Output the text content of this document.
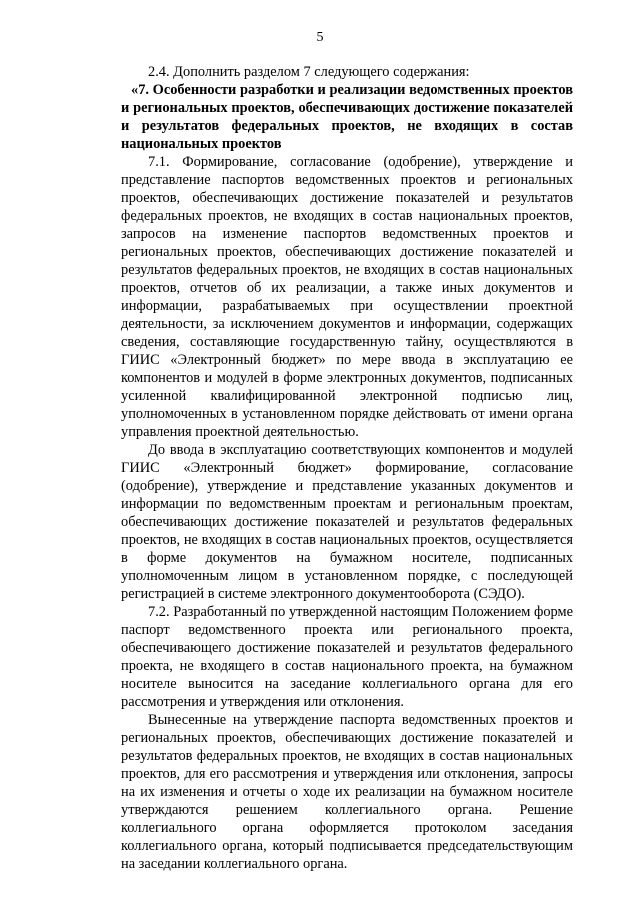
5

2.4. Дополнить разделом 7 следующего содержания:

«7. Особенности разработки и реализации ведомственных проектов и региональных проектов, обеспечивающих достижение показателей и результатов федеральных проектов, не входящих в состав национальных проектов

7.1. Формирование, согласование (одобрение), утверждение и представление паспортов ведомственных проектов и региональных проектов, обеспечивающих достижение показателей и результатов федеральных проектов, не входящих в состав национальных проектов, запросов на изменение паспортов ведомственных проектов и региональных проектов, обеспечивающих достижение показателей и результатов федеральных проектов, не входящих в состав национальных проектов, отчетов об их реализации, а также иных документов и информации, разрабатываемых при осуществлении проектной деятельности, за исключением документов и информации, содержащих сведения, составляющие государственную тайну, осуществляются в ГИИС «Электронный бюджет» по мере ввода в эксплуатацию ее компонентов и модулей в форме электронных документов, подписанных усиленной квалифицированной электронной подписью лиц, уполномоченных в установленном порядке действовать от имени органа управления проектной деятельностью.

До ввода в эксплуатацию соответствующих компонентов и модулей ГИИС «Электронный бюджет» формирование, согласование (одобрение), утверждение и представление указанных документов и информации по ведомственным проектам и региональным проектам, обеспечивающих достижение показателей и результатов федеральных проектов, не входящих в состав национальных проектов, осуществляется в форме документов на бумажном носителе, подписанных уполномоченным лицом в установленном порядке, с последующей регистрацией в системе электронного документооборота (СЭДО).

7.2. Разработанный по утвержденной настоящим Положением форме паспорт ведомственного проекта или регионального проекта, обеспечивающего достижение показателей и результатов федерального проекта, не входящего в состав национального проекта, на бумажном носителе выносится на заседание коллегиального органа для его рассмотрения и утверждения или отклонения.

Вынесенные на утверждение паспорта ведомственных проектов и региональных проектов, обеспечивающих достижение показателей и результатов федеральных проектов, не входящих в состав национальных проектов, для его рассмотрения и утверждения или отклонения, запросы на их изменения и отчеты о ходе их реализации на бумажном носителе утверждаются решением коллегиального органа. Решение коллегиального органа оформляется протоколом заседания коллегиального органа, который подписывается председательствующим на заседании коллегиального органа.
